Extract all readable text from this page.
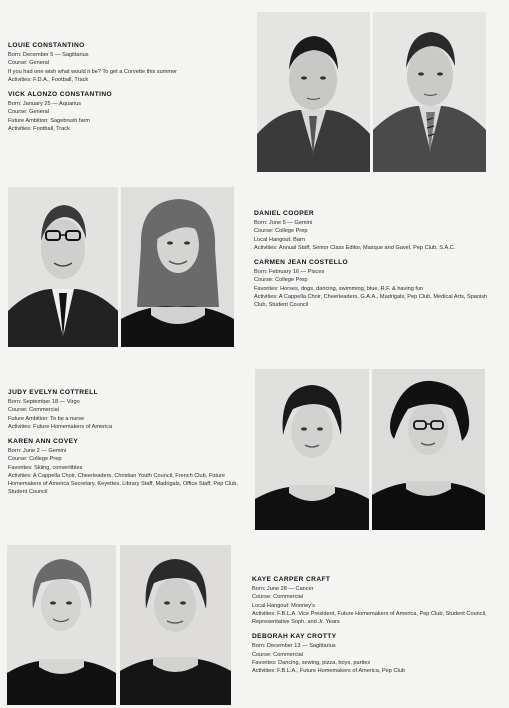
LOUIE CONSTANTINO
Born: December 5 — Sagittarius
Course: General
If you had one wish what would it be? To get a Corvette this summer
Activities: F.D.A., Football, Track
VICK ALONZO CONSTANTINO
Born: January 25 — Aquarius
Course: General
Future Ambition: Sagebrush farm
Activities: Football, Track
DANIEL COOPER
Born: June 5 — Gemini
Course: College Prep
Local Hangout: Barn
Activities: Annual Staff, Senior Class Editor, Masque and Gavel, Pep Club, S.A.C.
CARMEN JEAN COSTELLO
Born: February 16 — Pisces
Course: College Prep
Favorites: Horses, dogs, dancing, swimming, blue, R.F. & having fun
Activities: A Cappella Choir, Cheerleaders, G.A.A., Madrigals, Pep Club, Medical Arts, Spanish Club, Student Council
JUDY EVELYN COTTRELL
Born: September 18 — Virgo
Course: Commercial
Future Ambition: To be a nurse
Activities: Future Homemakers of America
KAREN ANN COVEY
Born: June 2 — Gemini
Course: College Prep
Favorites: Skiing, convertibles
Activities: A Cappella Choir, Cheerleaders, Christian Youth Council, French Club, Future Homemakers of America Secretary, Keyettes, Library Staff, Madrigals, Office Staff, Pep Club, Student Council
KAYE CARPER CRAFT
Born: June 28 — Cancer
Course: Commercial
Local Hangout: Mooney's
Activities: F.B.L.A. Vice President, Future Homemakers of America, Pep Club, Student Council, Representative Soph. and Jr. Years
DEBORAH KAY CROTTY
Born: December 13 — Sagittarius
Course: Commercial
Favorites: Dancing, sewing, pizza, boys, parties
Activities: F.B.L.A., Future Homemakers of America, Pep Club
